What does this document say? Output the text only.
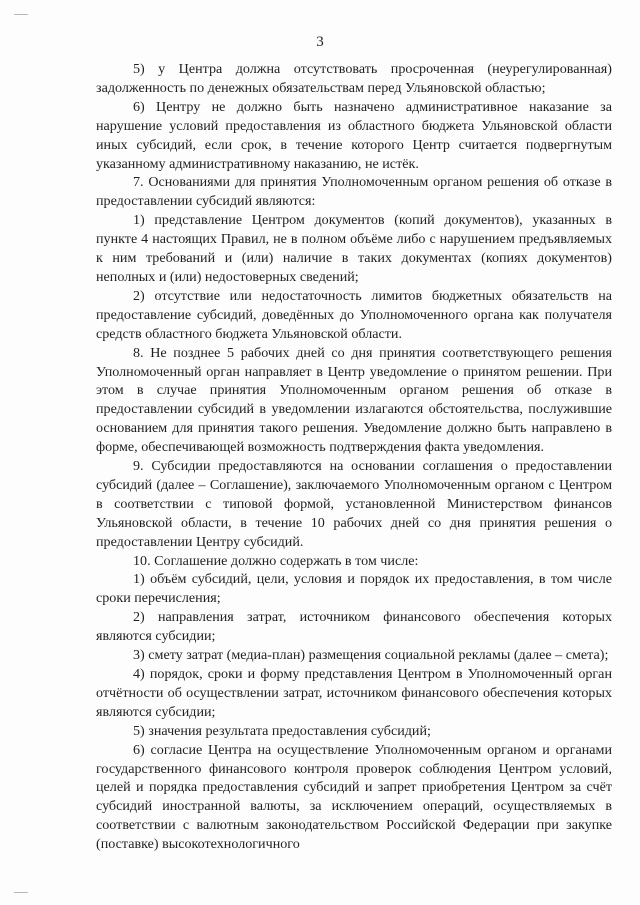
3

5) у Центра должна отсутствовать просроченная (неурегулированная) задолженность по денежных обязательствам перед Ульяновской областью;

6) Центру не должно быть назначено административное наказание за нарушение условий предоставления из областного бюджета Ульяновской области иных субсидий, если срок, в течение которого Центр считается подвергнутым указанному административному наказанию, не истёк.

7. Основаниями для принятия Уполномоченным органом решения об отказе в предоставлении субсидий являются:

1) представление Центром документов (копий документов), указанных в пункте 4 настоящих Правил, не в полном объёме либо с нарушением предъявляемых к ним требований и (или) наличие в таких документах (копиях документов) неполных и (или) недостоверных сведений;

2) отсутствие или недостаточность лимитов бюджетных обязательств на предоставление субсидий, доведённых до Уполномоченного органа как получателя средств областного бюджета Ульяновской области.

8. Не позднее 5 рабочих дней со дня принятия соответствующего решения Уполномоченный орган направляет в Центр уведомление о принятом решении. При этом в случае принятия Уполномоченным органом решения об отказе в предоставлении субсидий в уведомлении излагаются обстоятельства, послужившие основанием для принятия такого решения. Уведомление должно быть направлено в форме, обеспечивающей возможность подтверждения факта уведомления.

9. Субсидии предоставляются на основании соглашения о предоставлении субсидий (далее – Соглашение), заключаемого Уполномоченным органом с Центром в соответствии с типовой формой, установленной Министерством финансов Ульяновской области, в течение 10 рабочих дней со дня принятия решения о предоставлении Центру субсидий.

10. Соглашение должно содержать в том числе:

1) объём субсидий, цели, условия и порядок их предоставления, в том числе сроки перечисления;

2) направления затрат, источником финансового обеспечения которых являются субсидии;

3) смету затрат (медиа-план) размещения социальной рекламы (далее – смета);

4) порядок, сроки и форму представления Центром в Уполномоченный орган отчётности об осуществлении затрат, источником финансового обеспечения которых являются субсидии;

5) значения результата предоставления субсидий;

6) согласие Центра на осуществление Уполномоченным органом и органами государственного финансового контроля проверок соблюдения Центром условий, целей и порядка предоставления субсидий и запрет приобретения Центром за счёт субсидий иностранной валюты, за исключением операций, осуществляемых в соответствии с валютным законодательством Российской Федерации при закупке (поставке) высокотехнологичного
